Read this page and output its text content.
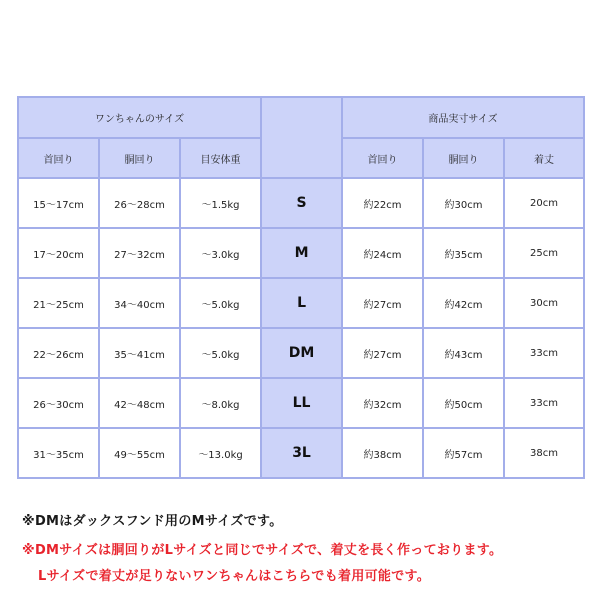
ワンちゃんのサイズ				商品実寸サイズ		
首回り	胴回り	目安体重		首回り	胴回り	着丈
15～17cm	26～28cm	～1.5kg	S	約22cm	約30cm	20cm
17～20cm	27～32cm	～3.0kg	M	約24cm	約35cm	25cm
21～25cm	34～40cm	～5.0kg	L	約27cm	約42cm	30cm
22～26cm	35～41cm	～5.0kg	DM	約27cm	約43cm	33cm
26～30cm	42～48cm	～8.0kg	LL	約32cm	約50cm	33cm
31～35cm	49～55cm	～13.0kg	3L	約38cm	約57cm	38cm
※DMはダックスフンド用のMサイズです。
※DMサイズは胴回りがLサイズと同じでサイズで、着丈を長く作っております。
Lサイズで着丈が足りないワンちゃんはこちらでも着用可能です。
